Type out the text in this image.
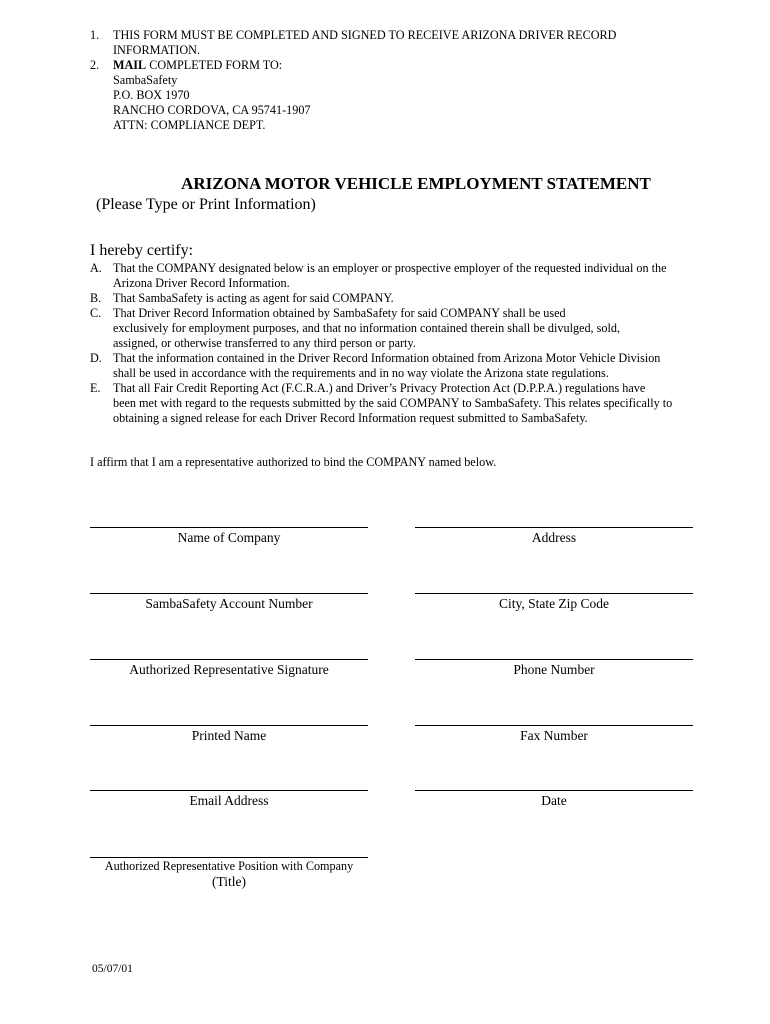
1.	THIS FORM MUST BE COMPLETED AND SIGNED TO RECEIVE ARIZONA DRIVER RECORD
INFORMATION.
2.	MAIL COMPLETED FORM TO:
SambaSafety
P.O. BOX 1970
RANCHO CORDOVA, CA 95741-1907
ATTN: COMPLIANCE DEPT.
ARIZONA MOTOR VEHICLE EMPLOYMENT STATEMENT
(Please Type or Print Information)
I hereby certify:
A. That the COMPANY designated below is an employer or prospective employer of the requested individual on the
Arizona Driver Record Information.
B. That SambaSafety is acting as agent for said COMPANY.
C. That Driver Record Information obtained by SambaSafety for said COMPANY shall be used
exclusively for employment purposes, and that no information contained therein shall be divulged, sold,
assigned, or otherwise transferred to any third person or party.
D. That the information contained in the Driver Record Information obtained from Arizona Motor Vehicle Division
shall be used in accordance with the requirements and in no way violate the Arizona state regulations.
E.	That all Fair Credit Reporting Act (F.C.R.A.) and Driver’s Privacy Protection Act (D.P.P.A.) regulations have
been met with regard to the requests submitted by the said COMPANY to SambaSafety. This relates specifically to
obtaining a signed release for each Driver Record Information request submitted to SambaSafety.
I affirm that I am a representative authorized to bind the COMPANY named below.
Name of Company	Address
SambaSafety Account Number	City, State Zip Code
Authorized Representative Signature	Phone Number
Printed Name	Fax Number
Email Address	Date
Authorized Representative Position with Company
(Title)
05/07/01
